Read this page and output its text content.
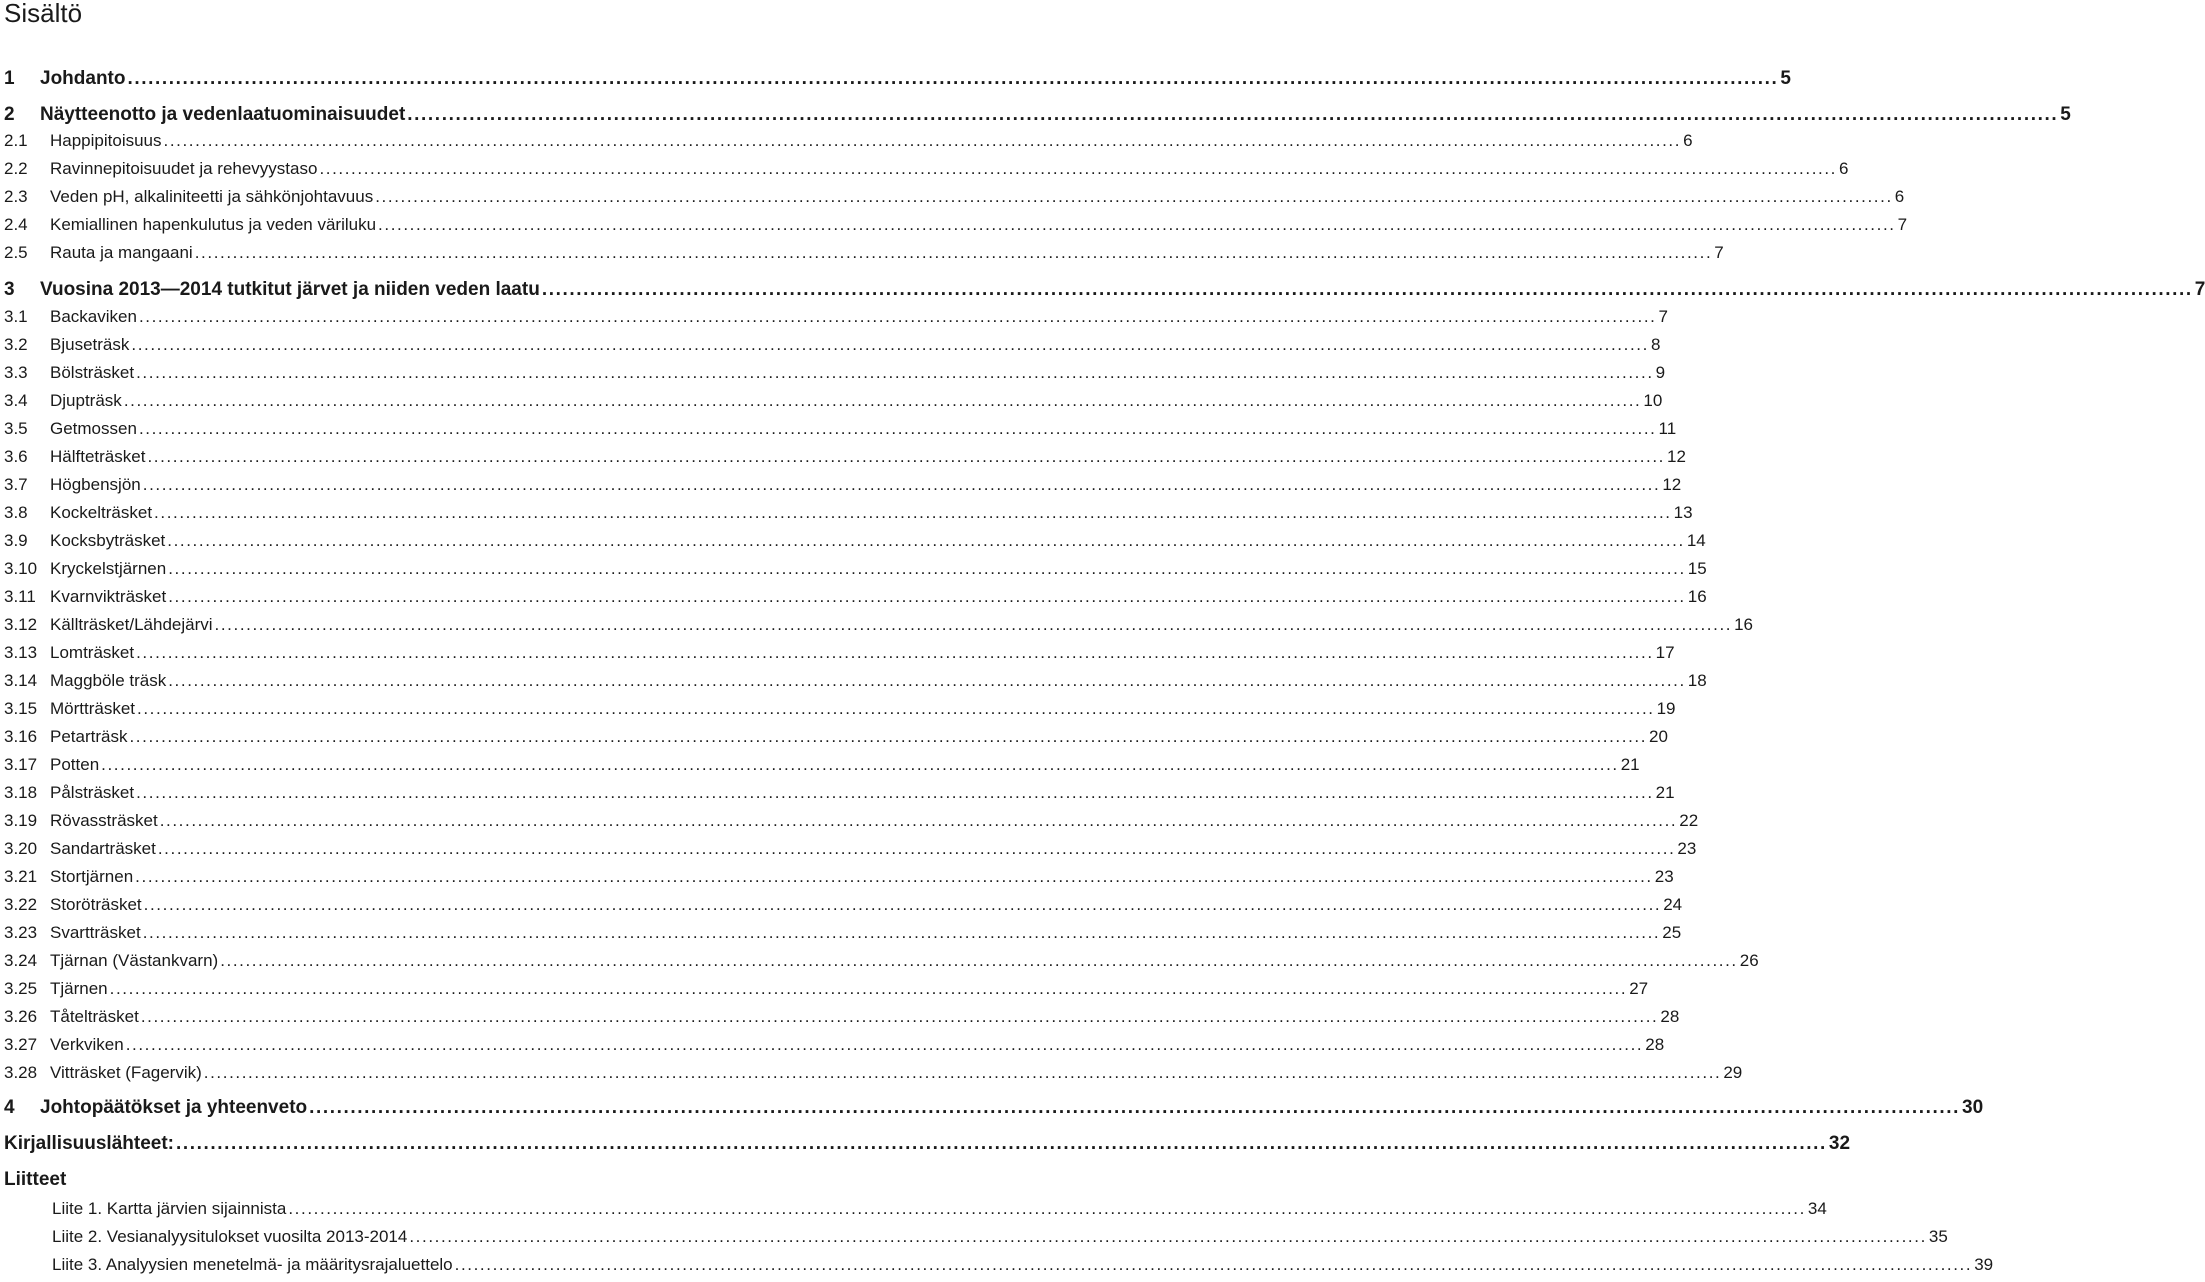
Sisältö
1 Johdanto ................................................................................................................................................................................................................................................ 5
2 Näytteenotto ja vedenlaatuominaisuudet ................................................................................................................................................................................................................................................ 5
2.1 Happipitoisuus ................................................................................................................................................................................................................................................ 6
2.2 Ravinnepitoisuudet ja rehevyystaso ................................................................................................................................................................................................................................................ 6
2.3 Veden pH, alkaliniteetti ja sähkönjohtavuus ................................................................................................................................................................................................................................................ 6
2.4 Kemiallinen hapenkulutus ja veden väriluku ................................................................................................................................................................................................................................................ 7
2.5 Rauta ja mangaani ................................................................................................................................................................................................................................................ 7
3 Vuosina 2013—2014 tutkitut järvet ja niiden veden laatu ................................................................................................................................................................................................................................................ 7
3.1 Backaviken ................................................................................................................................................................................................................................................ 7
3.2 Bjuseträsk ................................................................................................................................................................................................................................................ 8
3.3 Bölsträsket ................................................................................................................................................................................................................................................ 9
3.4 Djupträsk ................................................................................................................................................................................................................................................ 10
3.5 Getmossen ................................................................................................................................................................................................................................................ 11
3.6 Hälfteträsket ................................................................................................................................................................................................................................................ 12
3.7 Högbensjön ................................................................................................................................................................................................................................................ 12
3.8 Kockelträsket ................................................................................................................................................................................................................................................ 13
3.9 Kocksbyträsket ................................................................................................................................................................................................................................................ 14
3.10 Kryckelstjärnen ................................................................................................................................................................................................................................................ 15
3.11 Kvarnvikträsket ................................................................................................................................................................................................................................................ 16
3.12 Källträsket/Lähdejärvi ................................................................................................................................................................................................................................................ 16
3.13 Lomträsket ................................................................................................................................................................................................................................................ 17
3.14 Maggböle träsk ................................................................................................................................................................................................................................................ 18
3.15 Mörtträsket ................................................................................................................................................................................................................................................ 19
3.16 Petarträsk ................................................................................................................................................................................................................................................ 20
3.17 Potten ................................................................................................................................................................................................................................................ 21
3.18 Pålsträsket ................................................................................................................................................................................................................................................ 21
3.19 Rövassträsket ................................................................................................................................................................................................................................................ 22
3.20 Sandarträsket ................................................................................................................................................................................................................................................ 23
3.21 Stortjärnen ................................................................................................................................................................................................................................................ 23
3.22 Storöträsket ................................................................................................................................................................................................................................................ 24
3.23 Svartträsket ................................................................................................................................................................................................................................................ 25
3.24 Tjärnan (Västankvarn) ................................................................................................................................................................................................................................................ 26
3.25 Tjärnen ................................................................................................................................................................................................................................................ 27
3.26 Tåtelträsket ................................................................................................................................................................................................................................................ 28
3.27 Verkviken ................................................................................................................................................................................................................................................ 28
3.28 Vitträsket (Fagervik) ................................................................................................................................................................................................................................................ 29
4 Johtopäätökset ja yhteenveto ................................................................................................................................................................................................................................................ 30
Kirjallisuuslähteet: ................................................................................................................................................................................................................................................ 32
Liitteet
Liite 1. Kartta järvien sijainnista ................................................................................................................................................................................................................................................ 34
Liite 2. Vesianalyysitulokset vuosilta 2013-2014 ................................................................................................................................................................................................................................................ 35
Liite 3. Analyysien menetelmä- ja määritysrajaluettelo ................................................................................................................................................................................................................................................ 39
